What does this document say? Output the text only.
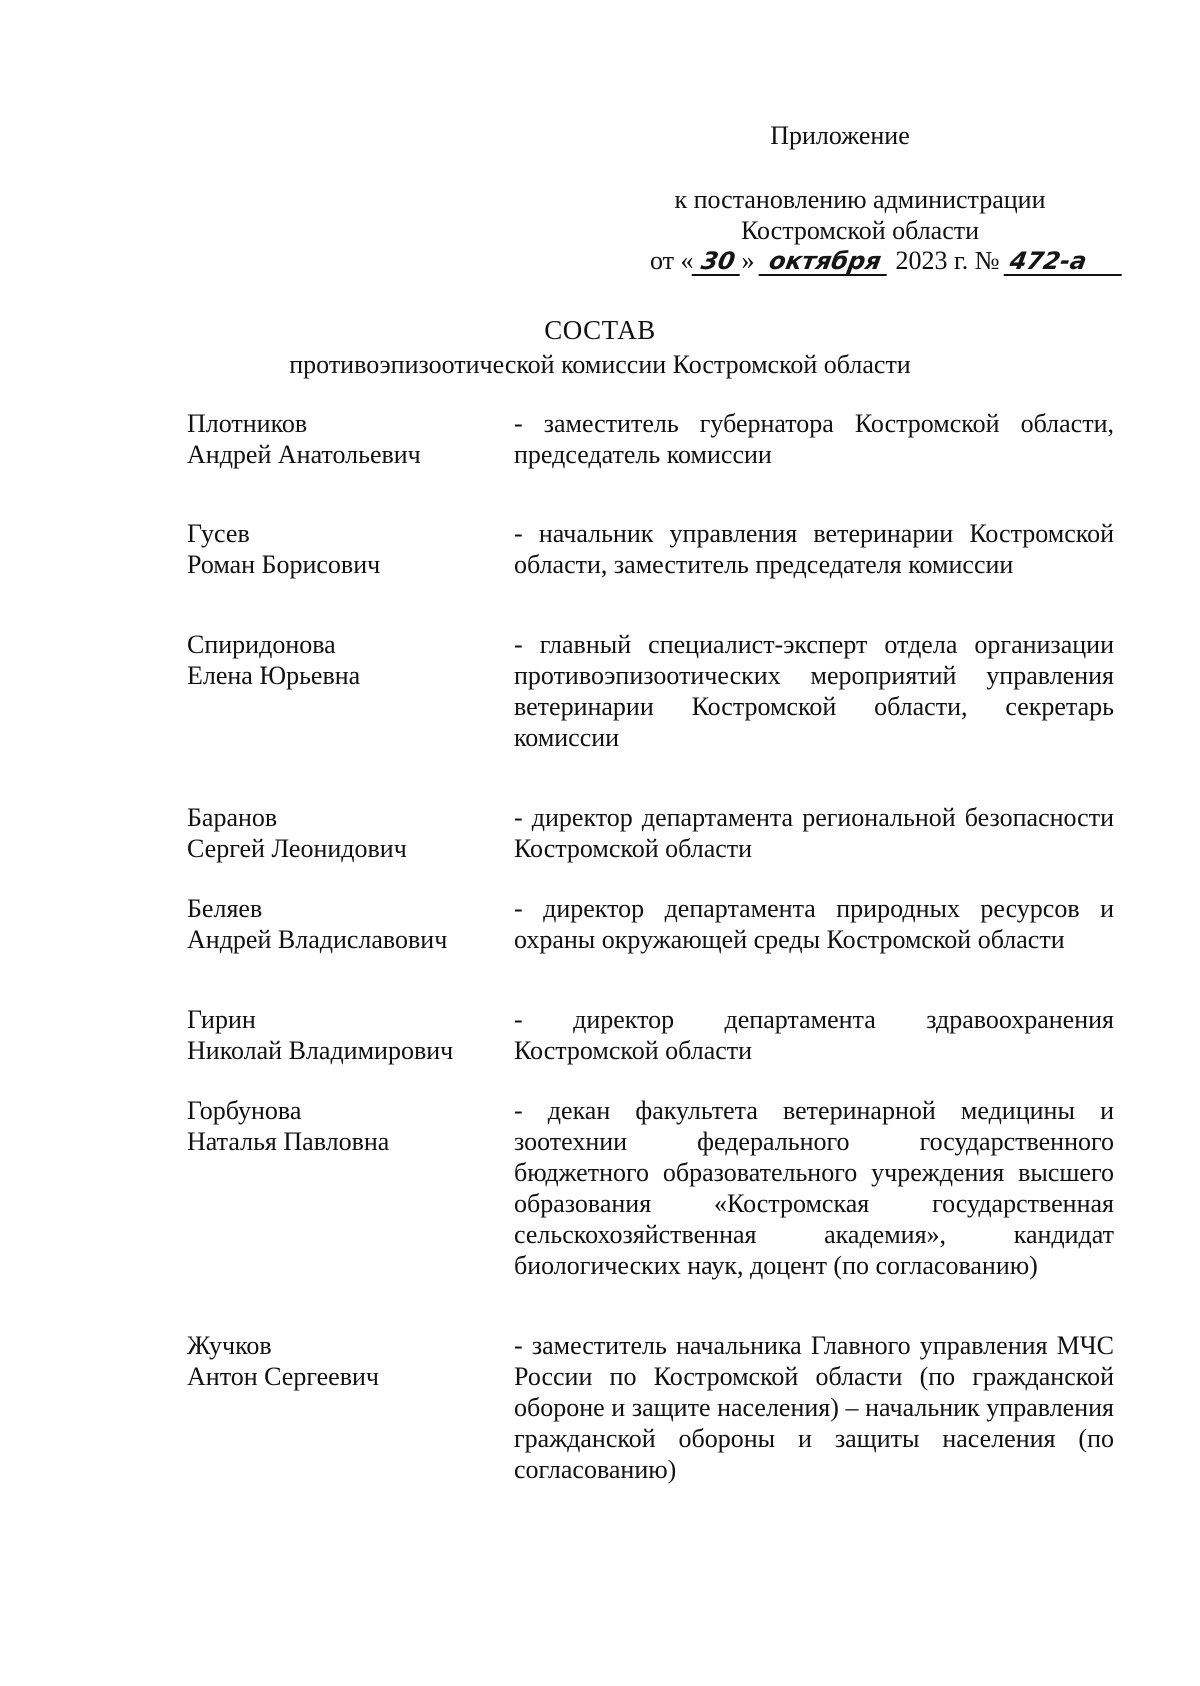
Приложение
к постановлению администрации
Костромской области
от « 30 » октября 2023 г. № 472-а
СОСТАВ
противоэпизоотической комиссии Костромской области
Плотников
Андрей Анатольевич
- заместитель губернатора Костромской области, председатель комиссии
Гусев
Роман Борисович
- начальник управления ветеринарии Костромской области, заместитель председателя комиссии
Спиридонова
Елена Юрьевна
- главный специалист-эксперт отдела организации противоэпизоотических мероприятий управления ветеринарии Костромской области, секретарь комиссии
Баранов
Сергей Леонидович
- директор департамента региональной безопасности Костромской области
Беляев
Андрей Владиславович
- директор департамента природных ресурсов и охраны окружающей среды Костромской области
Гирин
Николай Владимирович
- директор департамента здравоохранения Костромской области
Горбунова
Наталья Павловна
- декан факультета ветеринарной медицины и зоотехнии федерального государственного бюджетного образовательного учреждения высшего образования «Костромская государственная сельскохозяйственная академия», кандидат биологических наук, доцент (по согласованию)
Жучков
Антон Сергеевич
- заместитель начальника Главного управления МЧС России по Костромской области (по гражданской обороне и защите населения) – начальник управления гражданской обороны и защиты населения (по согласованию)
